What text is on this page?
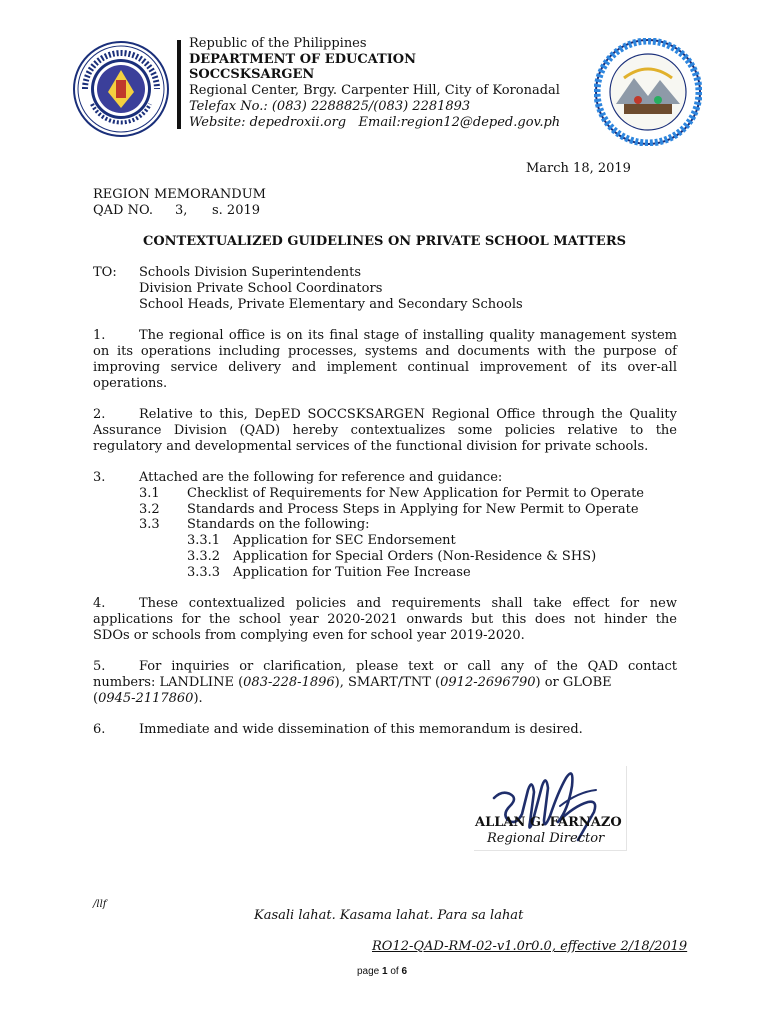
Republic of the Philippines
DEPARTMENT OF EDUCATION
SOCCSKSARGEN
Regional Center, Brgy. Carpenter Hill, City of Koronadal
Telefax No.: (083) 2288825/(083) 2281893
Website: depedroxii.org   Email:region12@deped.gov.ph
March 18, 2019
REGION MEMORANDUM
QAD NO. 3, s. 2019
CONTEXTUALIZED GUIDELINES ON PRIVATE SCHOOL MATTERS
TO: Schools Division Superintendents
Division Private School Coordinators
School Heads, Private Elementary and Secondary Schools
1.	The regional office is on its final stage of installing quality management system
on its operations including processes, systems and documents with the purpose of
improving service delivery and implement continual improvement of its over-all
operations.
2.	Relative to this, DepED SOCCSKSARGEN Regional Office through the Quality
Assurance Division (QAD) hereby contextualizes some policies relative to the
regulatory and developmental services of the functional division for private schools.
3.	Attached are the following for reference and guidance:
3.1 Checklist of Requirements for New Application for Permit to Operate
3.2 Standards and Process Steps in Applying for New Permit to Operate
3.3 Standards on the following:
3.3.1 Application for SEC Endorsement
3.3.2 Application for Special Orders (Non-Residence & SHS)
3.3.3 Application for Tuition Fee Increase
4.	These contextualized policies and requirements shall take effect for new
applications for the school year 2020-2021 onwards but this does not hinder the
SDOs or schools from complying even for school year 2019-2020.
5.	For inquiries or clarification, please text or call any of the QAD contact
numbers: LANDLINE (083-228-1896), SMART/TNT (0912-2696790) or GLOBE
(0945-2117860).
6.	Immediate and wide dissemination of this memorandum is desired.
ALLAN G. FARNAZO
Regional Director
/llf
Kasali lahat. Kasama lahat. Para sa lahat
RO12-QAD-RM-02-v1.0r0.0, effective 2/18/2019
page 1 of 6
